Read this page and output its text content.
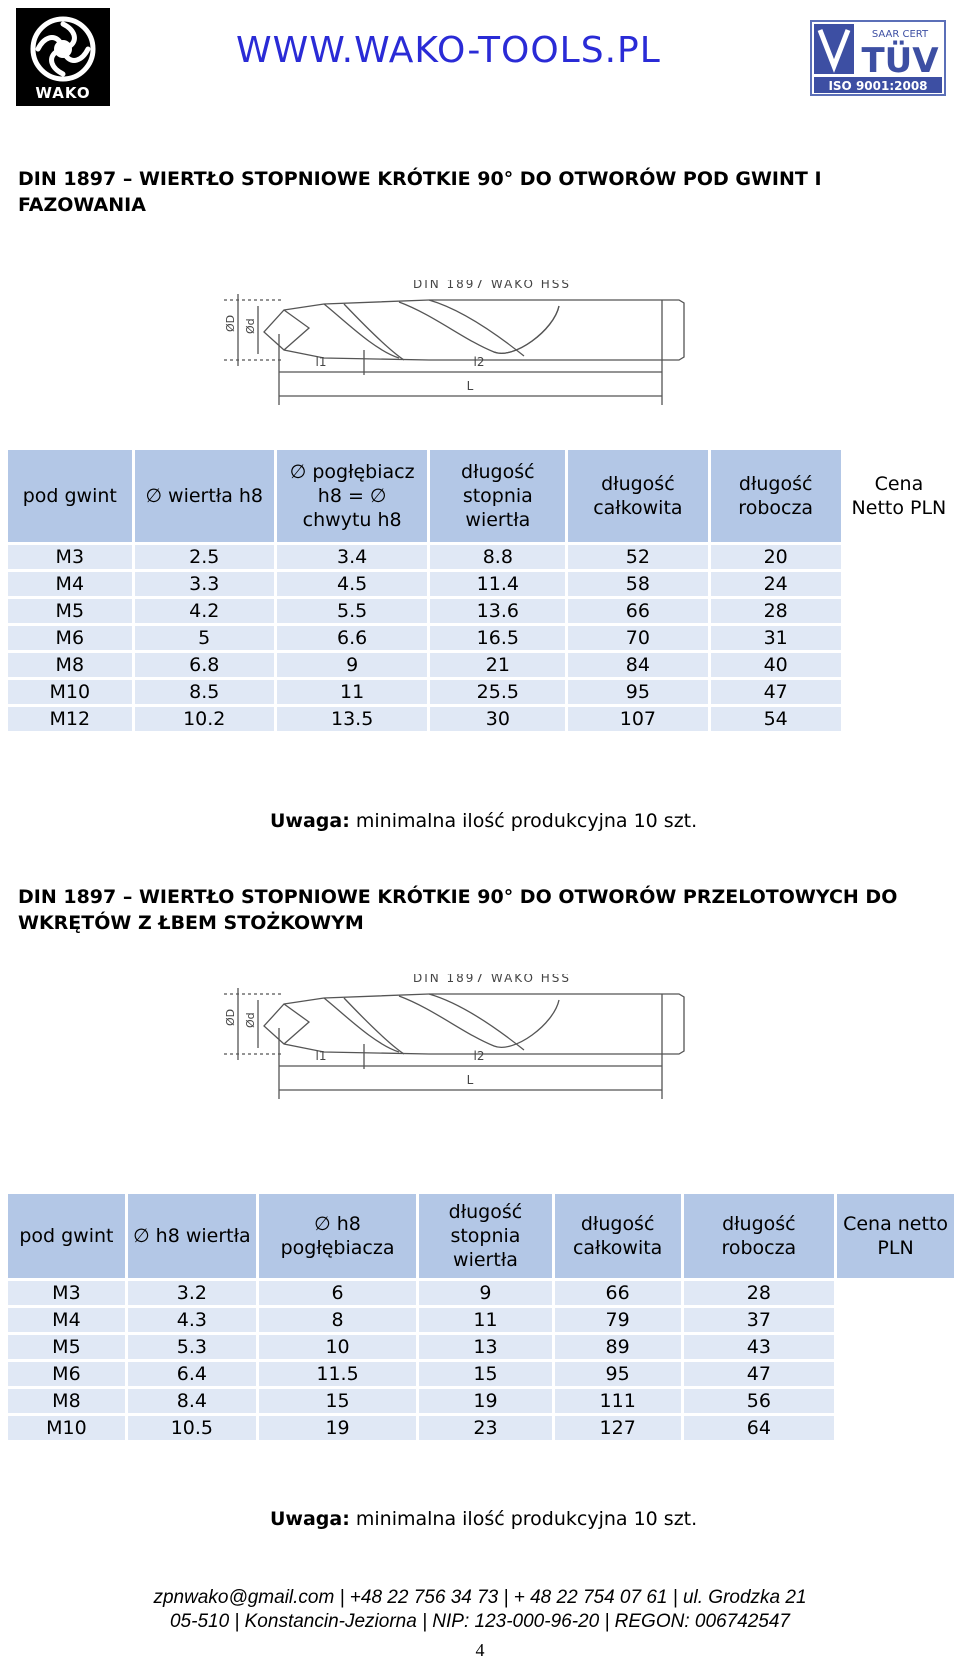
WAKO
WWW.WAKO-TOOLS.PL	SAAR CERT
TÜV
ISO 9001:2008
DIN 1897 – WIERTŁO STOPNIOWE KRÓTKIE 90° DO OTWORÓW POD GWINT I FAZOWANIA
DIN 1897 WAKO HSS
ØD Ød
l1	l2
L
pod gwint	∅ wiertła h8	∅ pogłębiacz h8 = ∅ chwytu h8	długość stopnia wiertła	długość całkowita	długość robocza	Cena Netto PLN
M3	2.5	3.4	8.8	52	20	
M4	3.3	4.5	11.4	58	24	
M5	4.2	5.5	13.6	66	28	
M6	5	6.6	16.5	70	31	
M8	6.8	9	21	84	40	
M10	8.5	11	25.5	95	47	
M12	10.2	13.5	30	107	54	
Uwaga: minimalna ilość produkcyjna 10 szt.
DIN 1897 – WIERTŁO STOPNIOWE KRÓTKIE 90° DO OTWORÓW PRZELOTOWYCH DO WKRĘTÓW Z ŁBEM STOŻKOWYM
DIN 1897 WAKO HSS
ØD Ød
l1	l2
L
pod gwint	∅ h8 wiertła	∅ h8 pogłębiacza	długość stopnia wiertła	długość całkowita	długość robocza	Cena netto PLN
M3	3.2	6	9	66	28	
M4	4.3	8	11	79	37	
M5	5.3	10	13	89	43	
M6	6.4	11.5	15	95	47	
M8	8.4	15	19	111	56	
M10	10.5	19	23	127	64	
Uwaga: minimalna ilość produkcyjna 10 szt.
zpnwako@gmail.com | +48 22 756 34 73 | + 48 22 754 07 61 | ul. Grodzka 21
05-510 | Konstancin-Jeziorna | NIP: 123-000-96-20 | REGON: 006742547
4
